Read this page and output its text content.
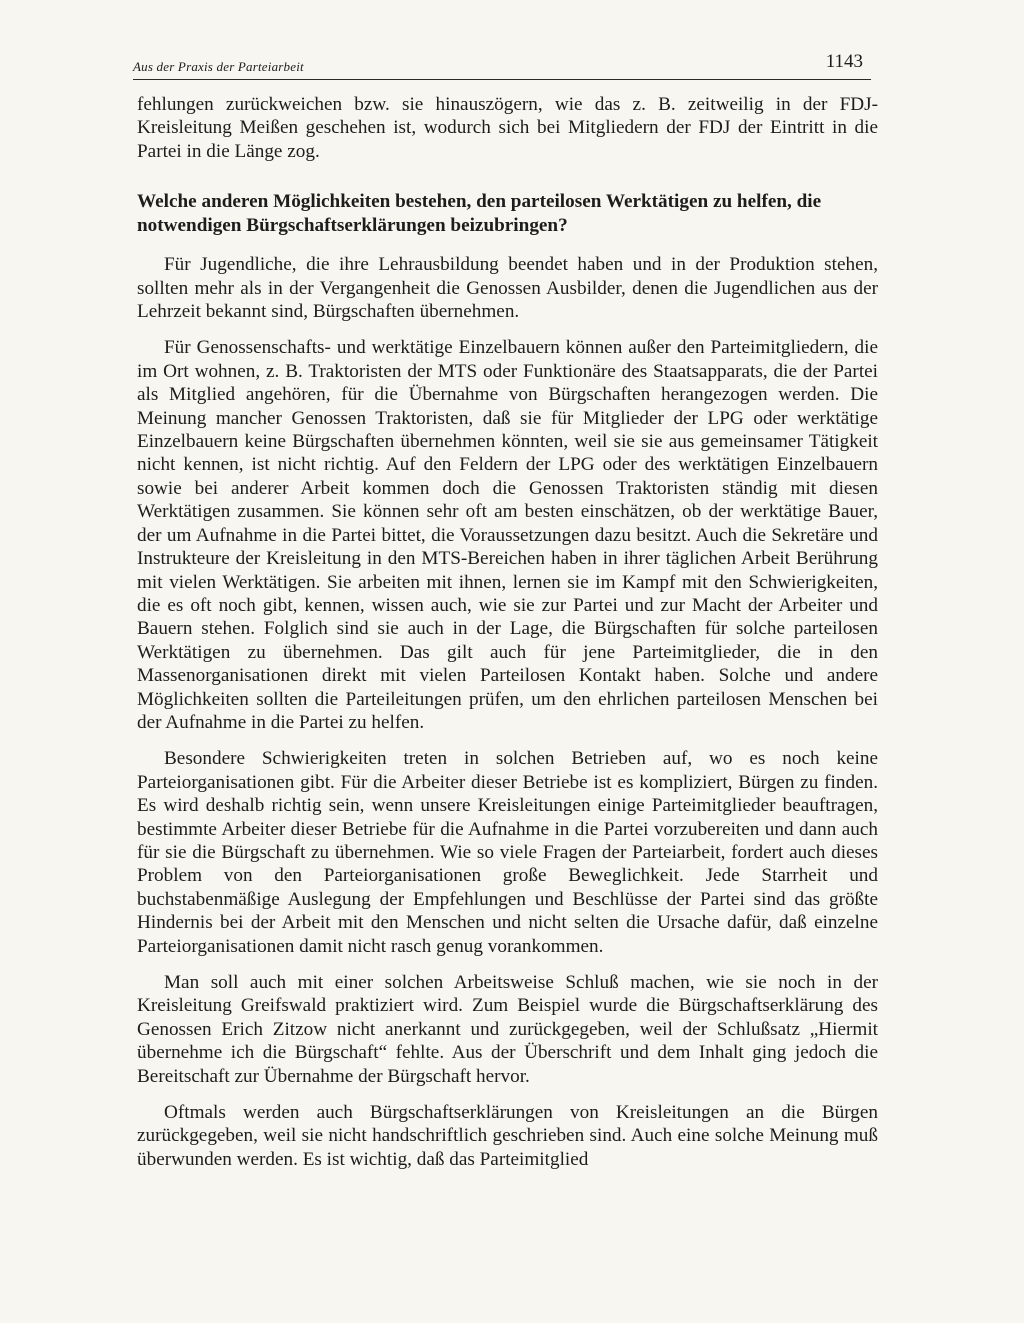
Aus der Praxis der Parteiarbeit	1143

fehlungen zurückweichen bzw. sie hinauszögern, wie das z. B. zeitweilig in der FDJ-Kreisleitung Meißen geschehen ist, wodurch sich bei Mitgliedern der FDJ der Eintritt in die Partei in die Länge zog.

Welche anderen Möglichkeiten bestehen, den parteilosen Werktätigen zu helfen, die notwendigen Bürgschaftserklärungen beizubringen?

Für Jugendliche, die ihre Lehrausbildung beendet haben und in der Produktion stehen, sollten mehr als in der Vergangenheit die Genossen Ausbilder, denen die Jugendlichen aus der Lehrzeit bekannt sind, Bürgschaften übernehmen.

Für Genossenschafts- und werktätige Einzelbauern können außer den Parteimitgliedern, die im Ort wohnen, z. B. Traktoristen der MTS oder Funktionäre des Staatsapparats, die der Partei als Mitglied angehören, für die Übernahme von Bürgschaften herangezogen werden. Die Meinung mancher Genossen Traktoristen, daß sie für Mitglieder der LPG oder werktätige Einzelbauern keine Bürgschaften übernehmen könnten, weil sie sie aus gemeinsamer Tätigkeit nicht kennen, ist nicht richtig. Auf den Feldern der LPG oder des werktätigen Einzelbauern sowie bei anderer Arbeit kommen doch die Genossen Traktoristen ständig mit diesen Werktätigen zusammen. Sie können sehr oft am besten einschätzen, ob der werktätige Bauer, der um Aufnahme in die Partei bittet, die Voraussetzungen dazu besitzt. Auch die Sekretäre und Instrukteure der Kreisleitung in den MTS-Bereichen haben in ihrer täglichen Arbeit Berührung mit vielen Werktätigen. Sie arbeiten mit ihnen, lernen sie im Kampf mit den Schwierigkeiten, die es oft noch gibt, kennen, wissen auch, wie sie zur Partei und zur Macht der Arbeiter und Bauern stehen. Folglich sind sie auch in der Lage, die Bürgschaften für solche parteilosen Werktätigen zu übernehmen. Das gilt auch für jene Parteimitglieder, die in den Massenorganisationen direkt mit vielen Parteilosen Kontakt haben. Solche und andere Möglichkeiten sollten die Parteileitungen prüfen, um den ehrlichen parteilosen Menschen bei der Aufnahme in die Partei zu helfen.

Besondere Schwierigkeiten treten in solchen Betrieben auf, wo es noch keine Parteiorganisationen gibt. Für die Arbeiter dieser Betriebe ist es kompliziert, Bürgen zu finden. Es wird deshalb richtig sein, wenn unsere Kreisleitungen einige Parteimitglieder beauftragen, bestimmte Arbeiter dieser Betriebe für die Aufnahme in die Partei vorzubereiten und dann auch für sie die Bürgschaft zu übernehmen. Wie so viele Fragen der Parteiarbeit, fordert auch dieses Problem von den Parteiorganisationen große Beweglichkeit. Jede Starrheit und buchstabenmäßige Auslegung der Empfehlungen und Beschlüsse der Partei sind das größte Hindernis bei der Arbeit mit den Menschen und nicht selten die Ursache dafür, daß einzelne Parteiorganisationen damit nicht rasch genug vorankommen.

Man soll auch mit einer solchen Arbeitsweise Schluß machen, wie sie noch in der Kreisleitung Greifswald praktiziert wird. Zum Beispiel wurde die Bürgschaftserklärung des Genossen Erich Zitzow nicht anerkannt und zurückgegeben, weil der Schlußsatz „Hiermit übernehme ich die Bürgschaft“ fehlte. Aus der Überschrift und dem Inhalt ging jedoch die Bereitschaft zur Übernahme der Bürgschaft hervor.

Oftmals werden auch Bürgschaftserklärungen von Kreisleitungen an die Bürgen zurückgegeben, weil sie nicht handschriftlich geschrieben sind. Auch eine solche Meinung muß überwunden werden. Es ist wichtig, daß das Parteimitglied
